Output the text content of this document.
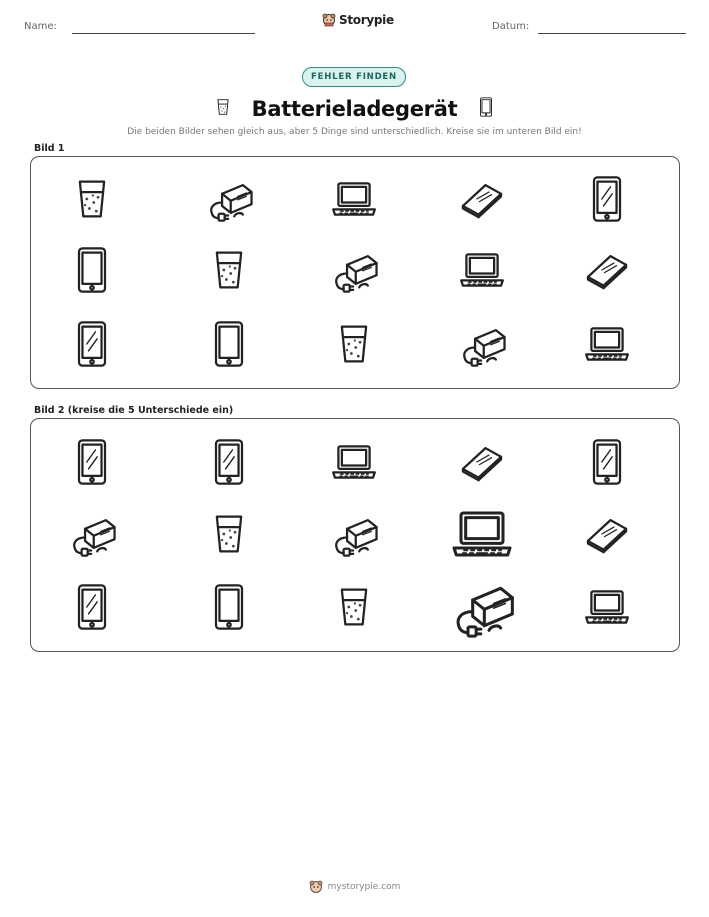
Name:	Storypie	Datum:
FEHLER FINDEN
Batterieladegerät
Die beiden Bilder sehen gleich aus, aber 5 Dinge sind unterschiedlich. Kreise sie im unteren Bild ein!
Bild 1
Bild 2 (kreise die 5 Unterschiede ein)
mystorypie.com
